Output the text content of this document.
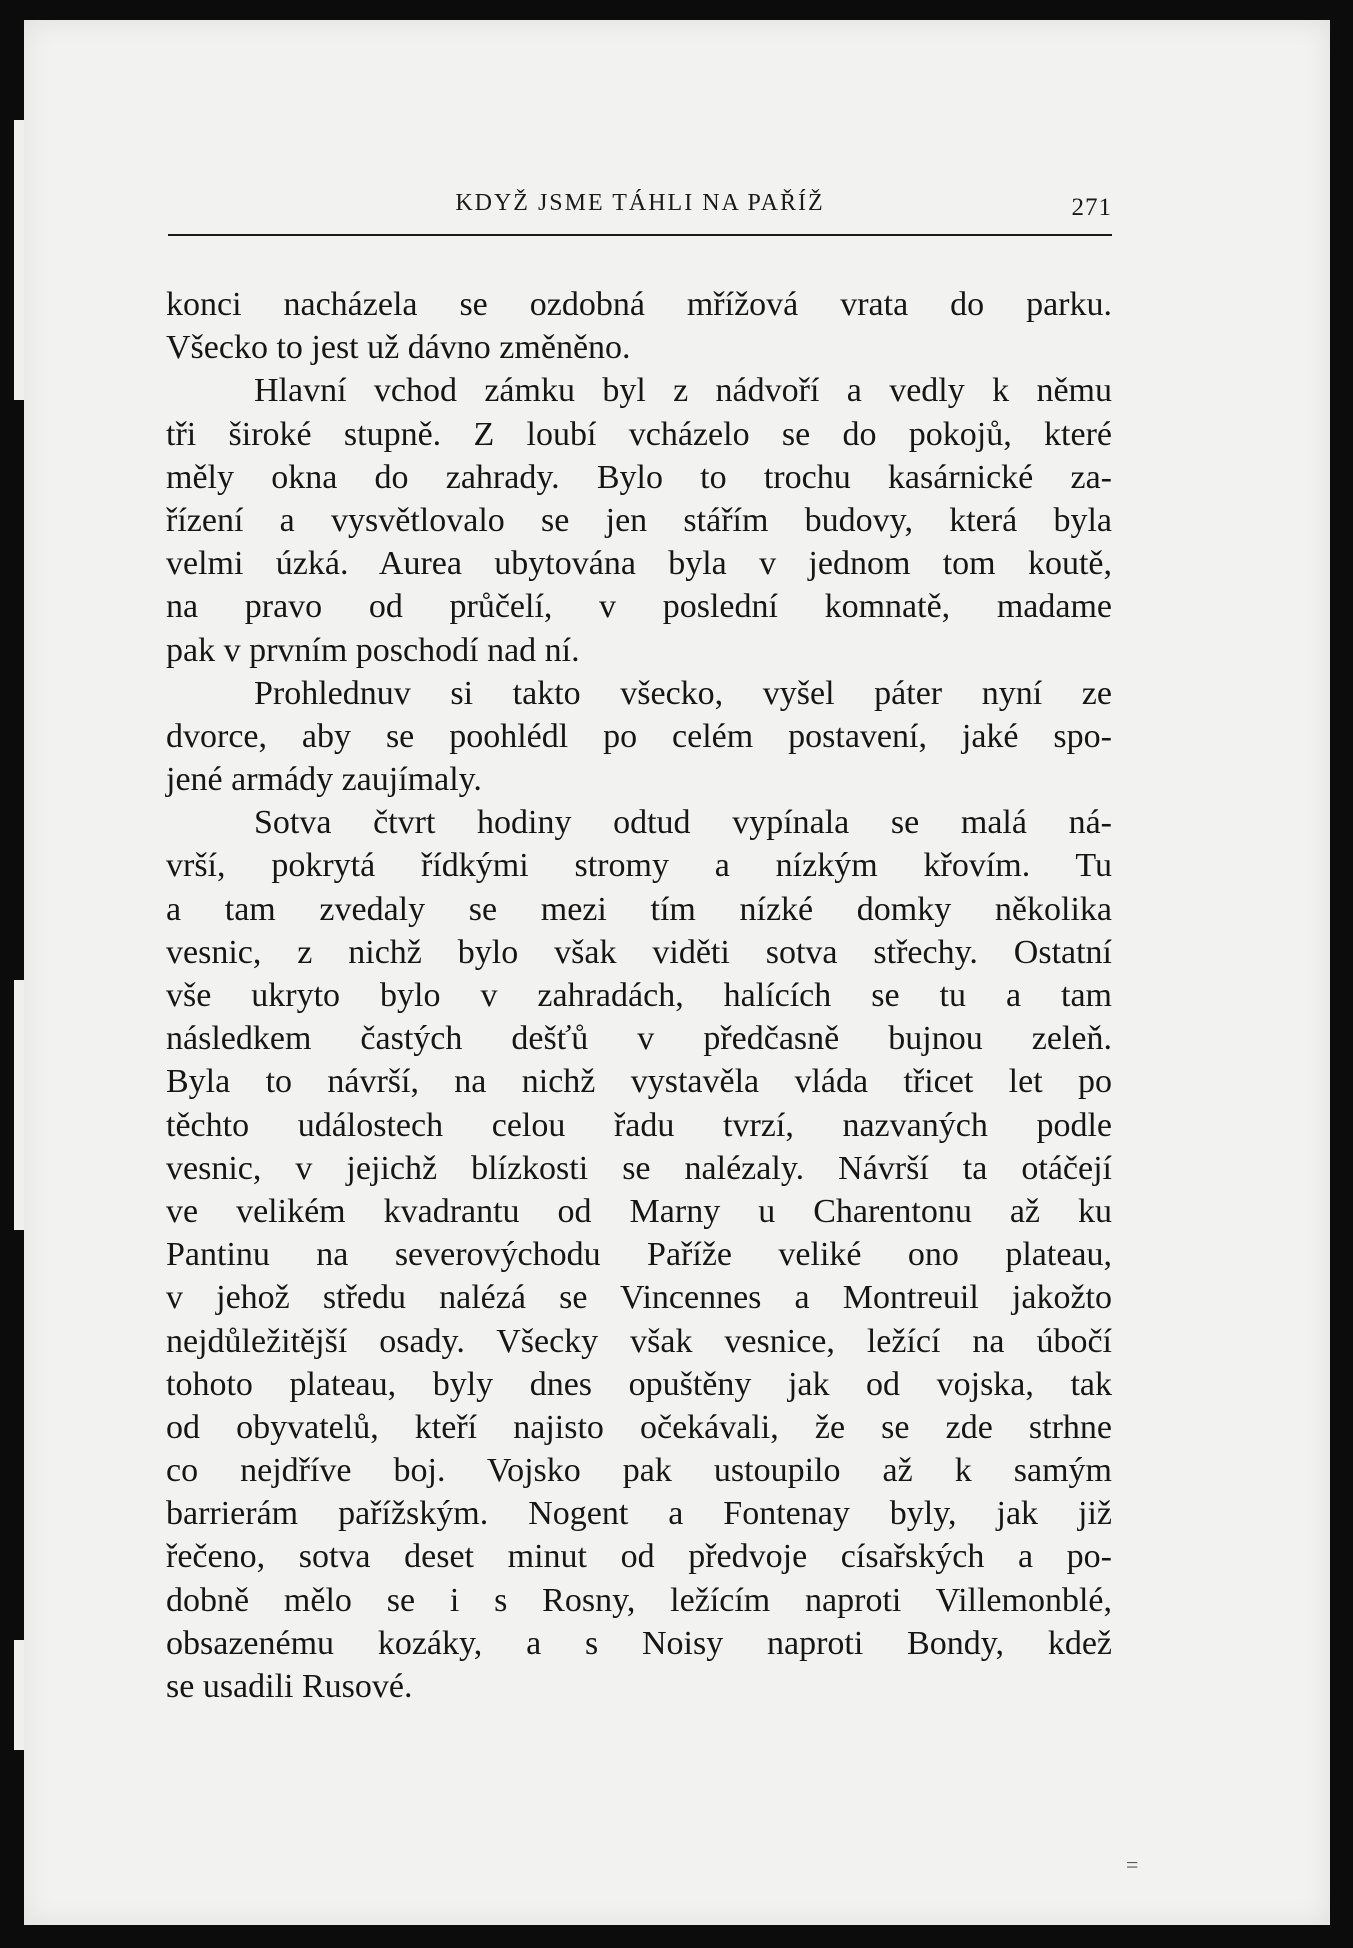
KDYŽ JSME TÁHLI NA PAŘÍŽ	271
konci nacházela se ozdobná mřížová vrata do parku.
Všecko to jest už dávno změněno.
Hlavní vchod zámku byl z nádvoří a vedly k němu
tři široké stupně. Z loubí vcházelo se do pokojů, které
měly okna do zahrady. Bylo to trochu kasárnické za-
řízení a vysvětlovalo se jen stářím budovy, která byla
velmi úzká. Aurea ubytována byla v jednom tom koutě,
na pravo od průčelí, v poslední komnatě, madame
pak v prvním poschodí nad ní.
Prohlednuv si takto všecko, vyšel páter nyní ze
dvorce, aby se poohlédl po celém postavení, jaké spo-
jené armády zaujímaly.
Sotva čtvrt hodiny odtud vypínala se malá ná-
vrší, pokrytá řídkými stromy a nízkým křovím. Tu
a tam zvedaly se mezi tím nízké domky několika
vesnic, z nichž bylo však viděti sotva střechy. Ostatní
vše ukryto bylo v zahradách, halících se tu a tam
následkem častých dešťů v předčasně bujnou zeleň.
Byla to návrší, na nichž vystavěla vláda třicet let po
těchto událostech celou řadu tvrzí, nazvaných podle
vesnic, v jejichž blízkosti se nalézaly. Návrší ta otáčejí
ve velikém kvadrantu od Marny u Charentonu až ku
Pantinu na severovýchodu Paříže veliké ono plateau,
v jehož středu nalézá se Vincennes a Montreuil jakožto
nejdůležitější osady. Všecky však vesnice, ležící na úbočí
tohoto plateau, byly dnes opuštěny jak od vojska, tak
od obyvatelů, kteří najisto očekávali, že se zde strhne
co nejdříve boj. Vojsko pak ustoupilo až k samým
barrierám pařížským. Nogent a Fontenay byly, jak již
řečeno, sotva deset minut od předvoje císařských a po-
dobně mělo se i s Rosny, ležícím naproti Villemonblé,
obsazenému kozáky, a s Noisy naproti Bondy, kdež
se usadili Rusové.
=
